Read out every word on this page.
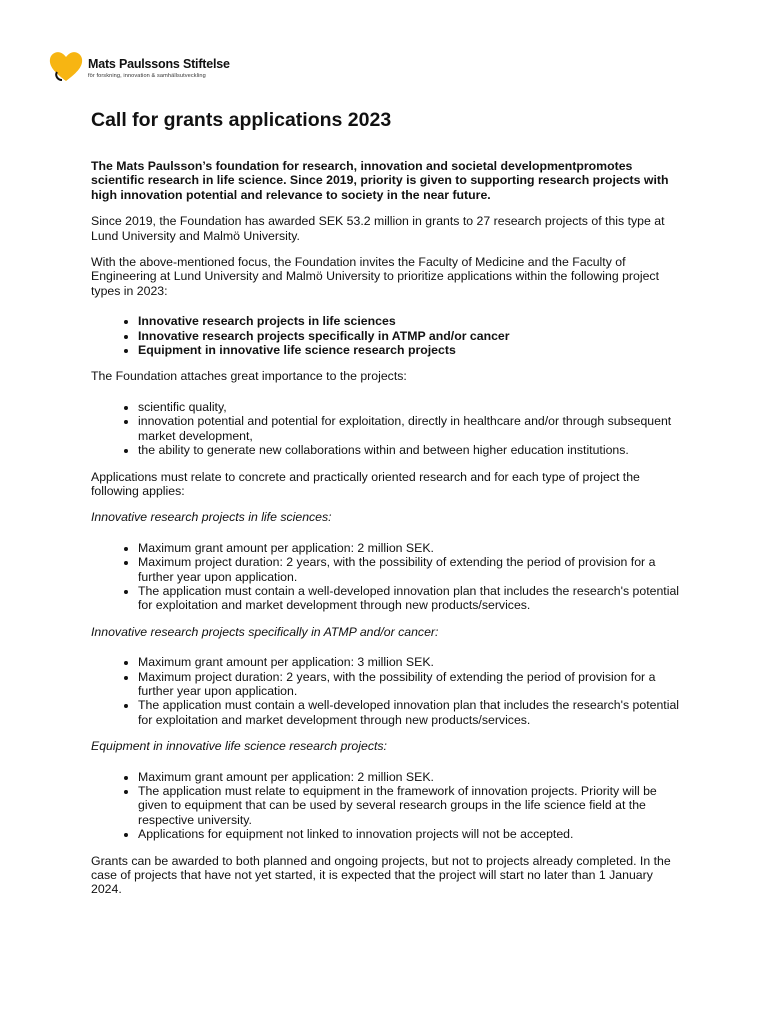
Mats Paulssons Stiftelse
för forskning, innovation & samhällsutveckling
Call for grants applications 2023

The Mats Paulsson’s foundation for research, innovation and societal developmentpromotes scientific research in life science. Since 2019, priority is given to supporting research projects with high innovation potential and relevance to society in the near future.

Since 2019, the Foundation has awarded SEK 53.2 million in grants to 27 research projects of this type at Lund University and Malmö University.

With the above-mentioned focus, the Foundation invites the Faculty of Medicine and the Faculty of Engineering at Lund University and Malmö University to prioritize applications within the following project types in 2023:

• Innovative research projects in life sciences
• Innovative research projects specifically in ATMP and/or cancer
• Equipment in innovative life science research projects

The Foundation attaches great importance to the projects:

• scientific quality,
• innovation potential and potential for exploitation, directly in healthcare and/or through subsequent market development,
• the ability to generate new collaborations within and between higher education institutions.

Applications must relate to concrete and practically oriented research and for each type of project the following applies:

Innovative research projects in life sciences:

• Maximum grant amount per application: 2 million SEK.
• Maximum project duration: 2 years, with the possibility of extending the period of provision for a further year upon application.
• The application must contain a well-developed innovation plan that includes the research's potential for exploitation and market development through new products/services.

Innovative research projects specifically in ATMP and/or cancer:

• Maximum grant amount per application: 3 million SEK.
• Maximum project duration: 2 years, with the possibility of extending the period of provision for a further year upon application.
• The application must contain a well-developed innovation plan that includes the research's potential for exploitation and market development through new products/services.

Equipment in innovative life science research projects:

• Maximum grant amount per application: 2 million SEK.
• The application must relate to equipment in the framework of innovation projects. Priority will be given to equipment that can be used by several research groups in the life science field at the respective university.
• Applications for equipment not linked to innovation projects will not be accepted.

Grants can be awarded to both planned and ongoing projects, but not to projects already completed. In the case of projects that have not yet started, it is expected that the project will start no later than 1 January 2024.
